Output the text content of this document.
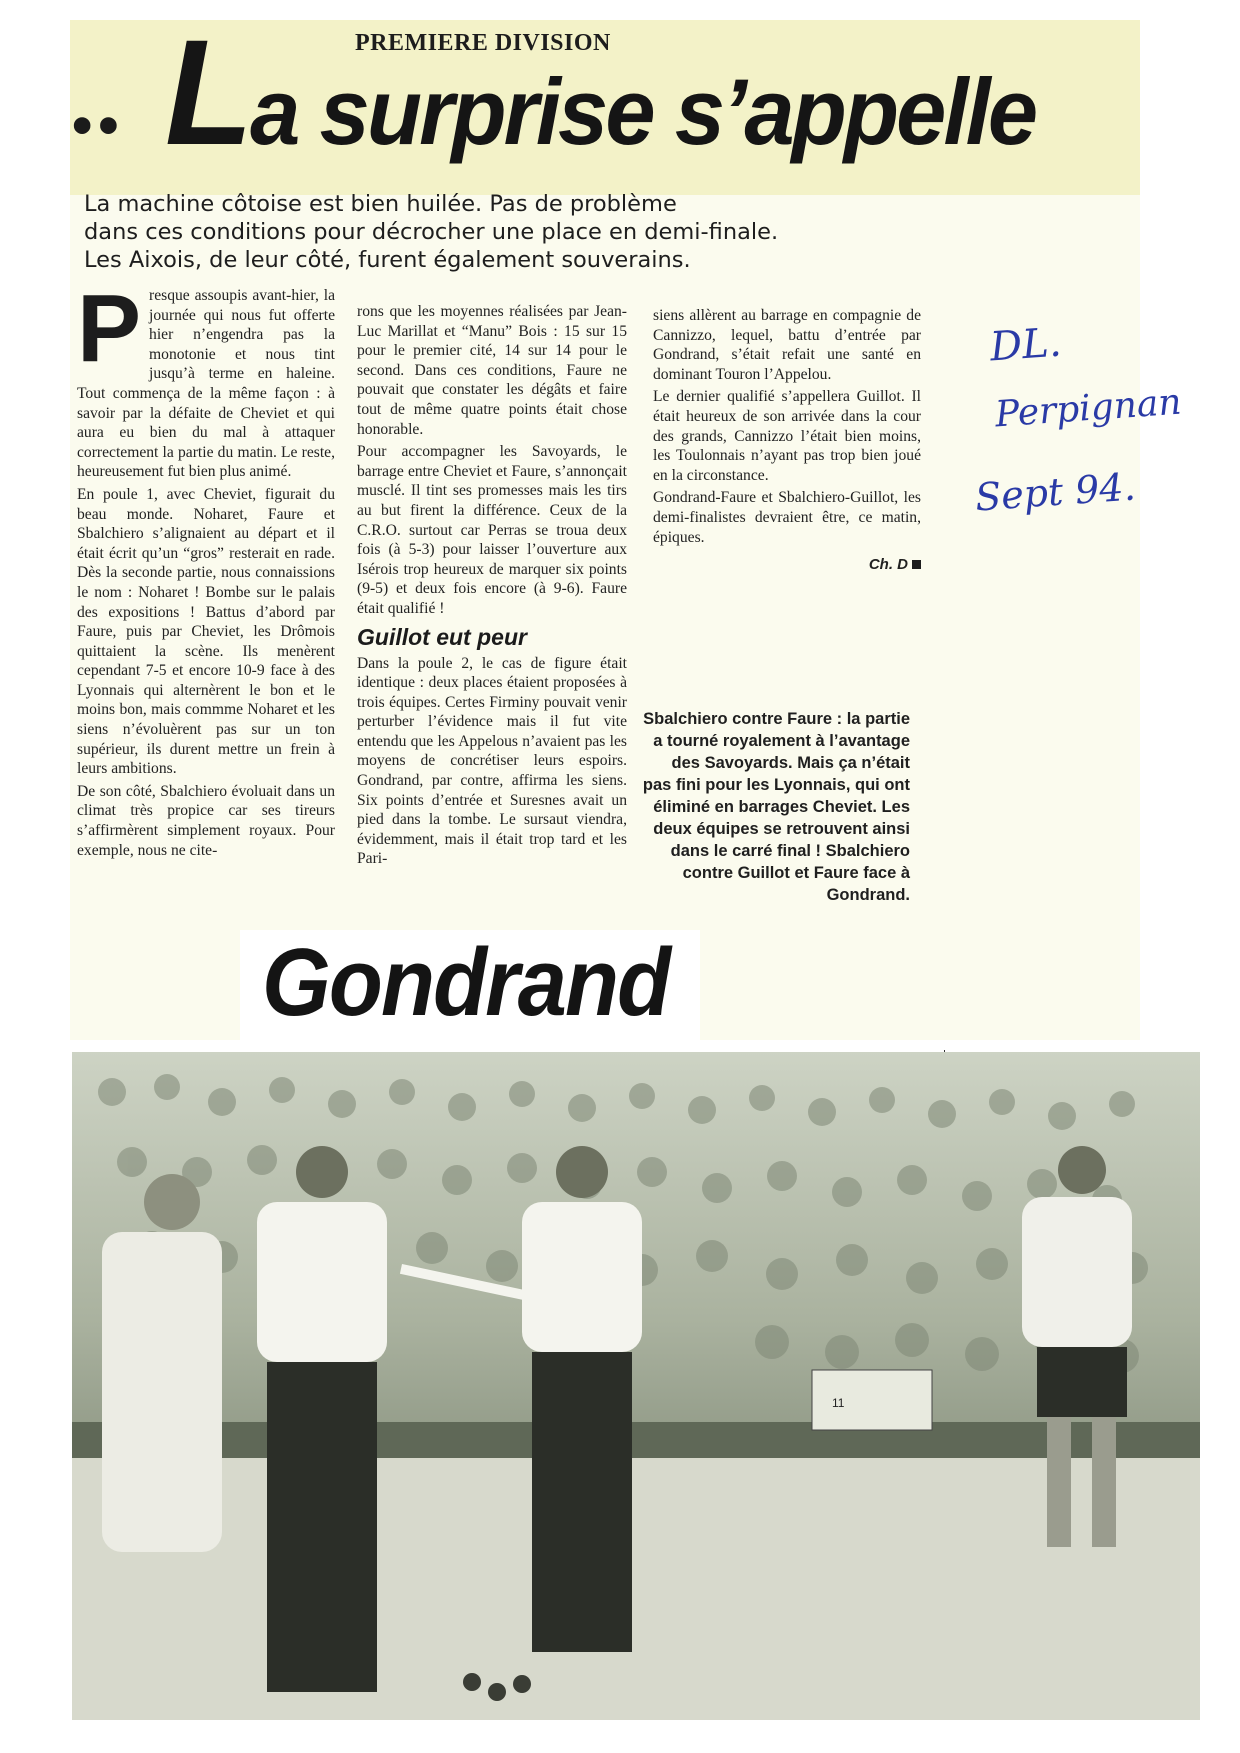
PREMIERE DIVISION
•• La surprise s’appelle
La machine côtoise est bien huilée. Pas de problème
dans ces conditions pour décrocher une place en demi-finale.
Les Aixois, de leur côté, furent également souverains.

Presque assoupis avant-hier, la journée qui nous fut offerte hier n’engendra pas la monotonie et nous tint jusqu’à terme en haleine. Tout commença de la même façon : à savoir par la défaite de Cheviet et qui aura eu bien du mal à attaquer correctement la partie du matin. Le reste, heureusement fut bien plus animé.

En poule 1, avec Cheviet, figurait du beau monde. Noharet, Faure et Sbalchiero s’alignaient au départ et il était écrit qu’un “gros” resterait en rade. Dès la seconde partie, nous connaissions le nom : Noharet ! Bombe sur le palais des expositions ! Battus d’abord par Faure, puis par Cheviet, les Drômois quittaient la scène. Ils menèrent cependant 7-5 et encore 10-9 face à des Lyonnais qui alternèrent le bon et le moins bon, mais commme Noharet et les siens n’évoluèrent pas sur un ton supérieur, ils durent mettre un frein à leurs ambitions.

De son côté, Sbalchiero évoluait dans un climat très propice car ses tireurs s’affirmèrent simplement royaux. Pour exemple, nous ne cite-

rons que les moyennes réalisées par Jean-Luc Marillat et “Manu” Bois : 15 sur 15 pour le premier cité, 14 sur 14 pour le second. Dans ces conditions, Faure ne pouvait que constater les dégâts et faire tout de même quatre points était chose honorable.

Pour accompagner les Savoyards, le barrage entre Cheviet et Faure, s’annonçait musclé. Il tint ses promesses mais les tirs au but firent la différence. Ceux de la C.R.O. surtout car Perras se troua deux fois (à 5-3) pour laisser l’ouverture aux Isérois trop heureux de marquer six points (9-5) et deux fois encore (à 9-6). Faure était qualifié !

Guillot eut peur

Dans la poule 2, le cas de figure était identique : deux places étaient proposées à trois équipes. Certes Firminy pouvait venir perturber l’évidence mais il fut vite entendu que les Appelous n’avaient pas les moyens de concrétiser leurs espoirs. Gondrand, par contre, affirma les siens. Six points d’entrée et Suresnes avait un pied dans la tombe. Le sursaut viendra, évidemment, mais il était trop tard et les Pari-

siens allèrent au barrage en compagnie de Cannizzo, lequel, battu d’entrée par Gondrand, s’était refait une santé en dominant Touron l’Appelou.

Le dernier qualifié s’appellera Guillot. Il était heureux de son arrivée dans la cour des grands, Cannizzo l’était bien moins, les Toulonnais n’ayant pas trop bien joué en la circonstance.

Gondrand-Faure et Sbalchiero-Guillot, les demi-finalistes devraient être, ce matin, épiques.

Ch. D
Sbalchiero contre Faure : la partie a tourné royalement à l’avantage des Savoyards. Mais ça n’était pas fini pour les Lyonnais, qui ont éliminé en barrages Cheviet. Les deux équipes se retrouvent ainsi dans le carré final ! Sbalchiero contre Guillot et Faure face à Gondrand.
Gondrand
DL.
Perpignan
Sept 94.
11
